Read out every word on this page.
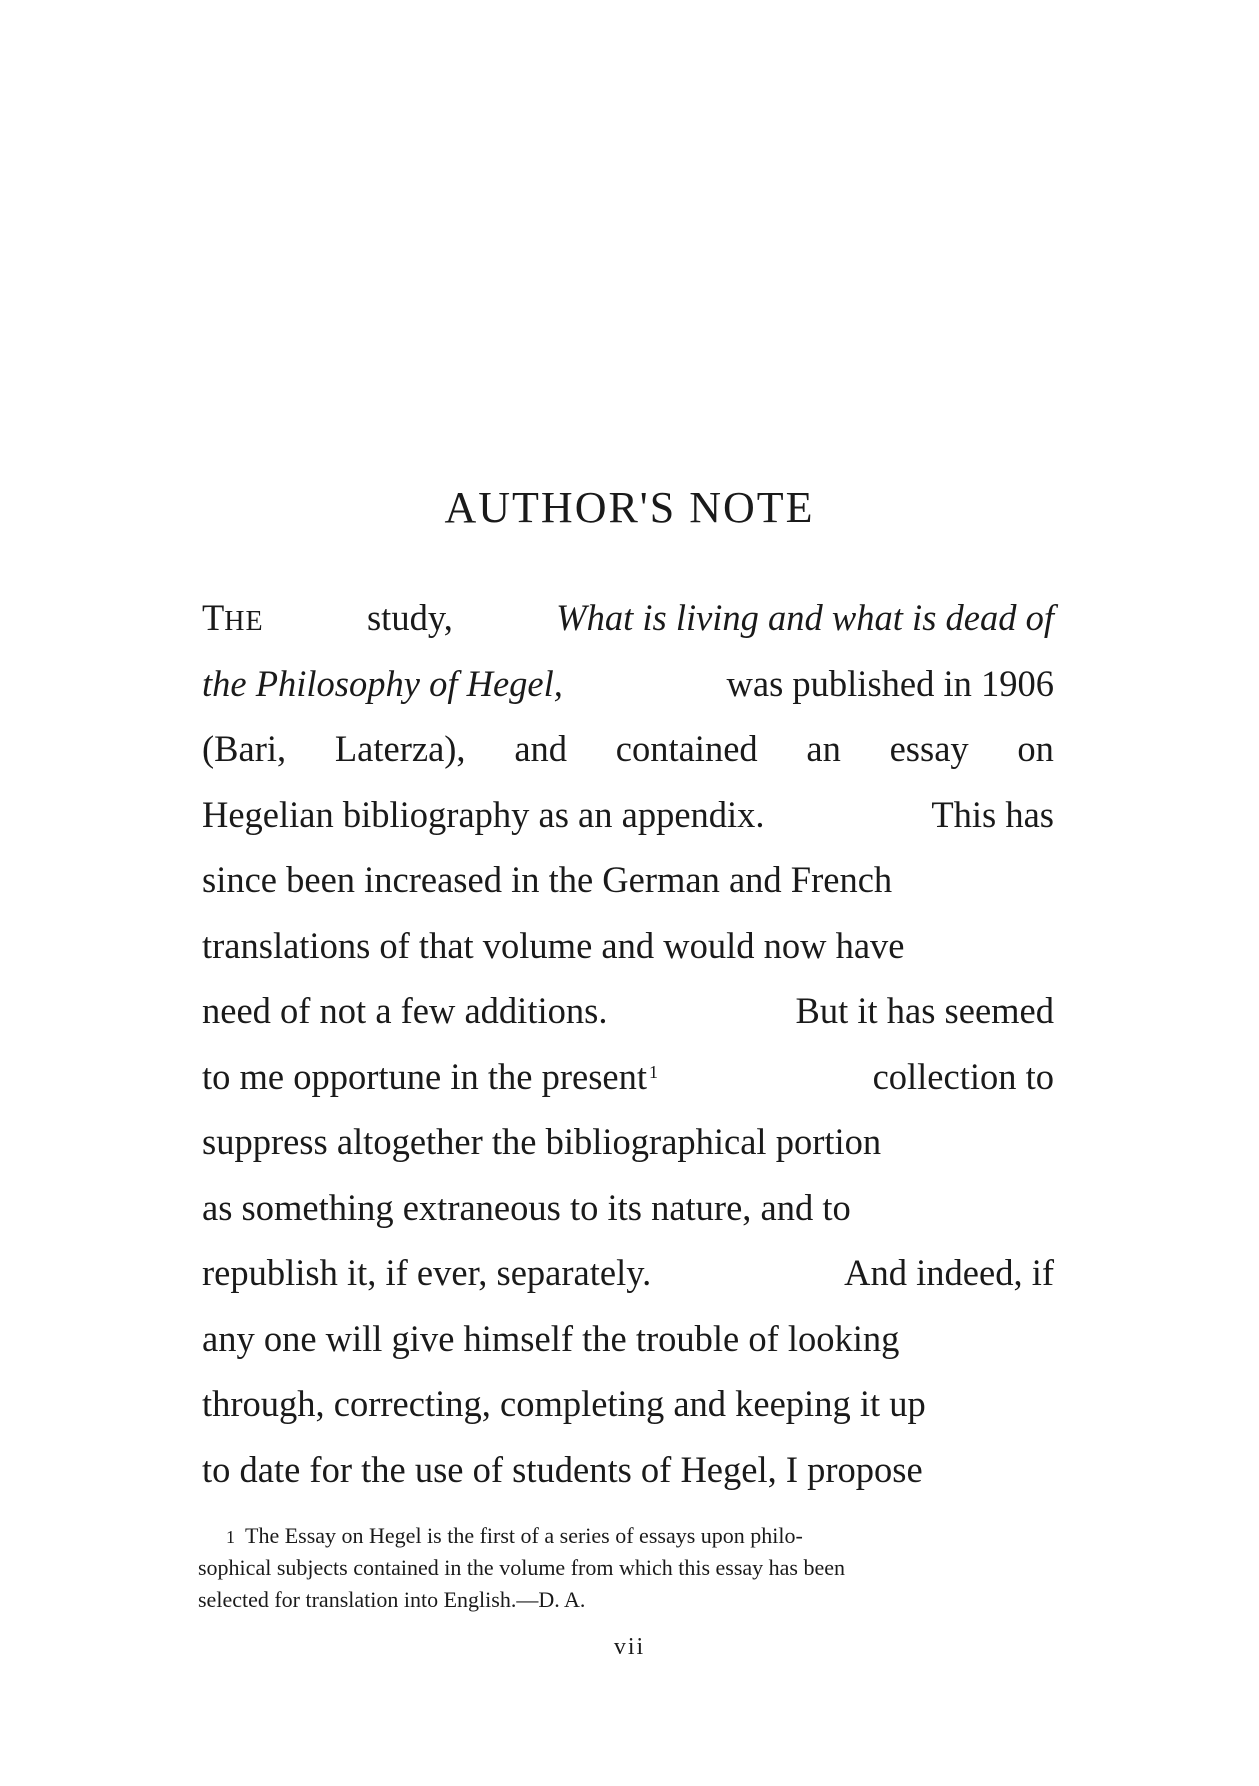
AUTHOR'S NOTE
THE	study,	What is living and what is dead of
the Philosophy of Hegel,	was published in 1906
(Bari, Laterza), and contained an essay on
Hegelian bibliography as an appendix.	This has
since been increased in the German and French
translations of that volume and would now have
need of not a few additions.	But it has seemed
to me opportune in the present $^1$	collection to
suppress altogether the bibliographical portion
as something extraneous to its nature, and to
republish it, if ever, separately.	And indeed, if
any one will give himself the trouble of looking
through, correcting, completing and keeping it up
to date for the use of students of Hegel, I propose
1 The Essay on Hegel is the first of a series of essays upon philo-
sophical subjects contained in the volume from which this essay has been
selected for translation into English.—D. A.
vii
